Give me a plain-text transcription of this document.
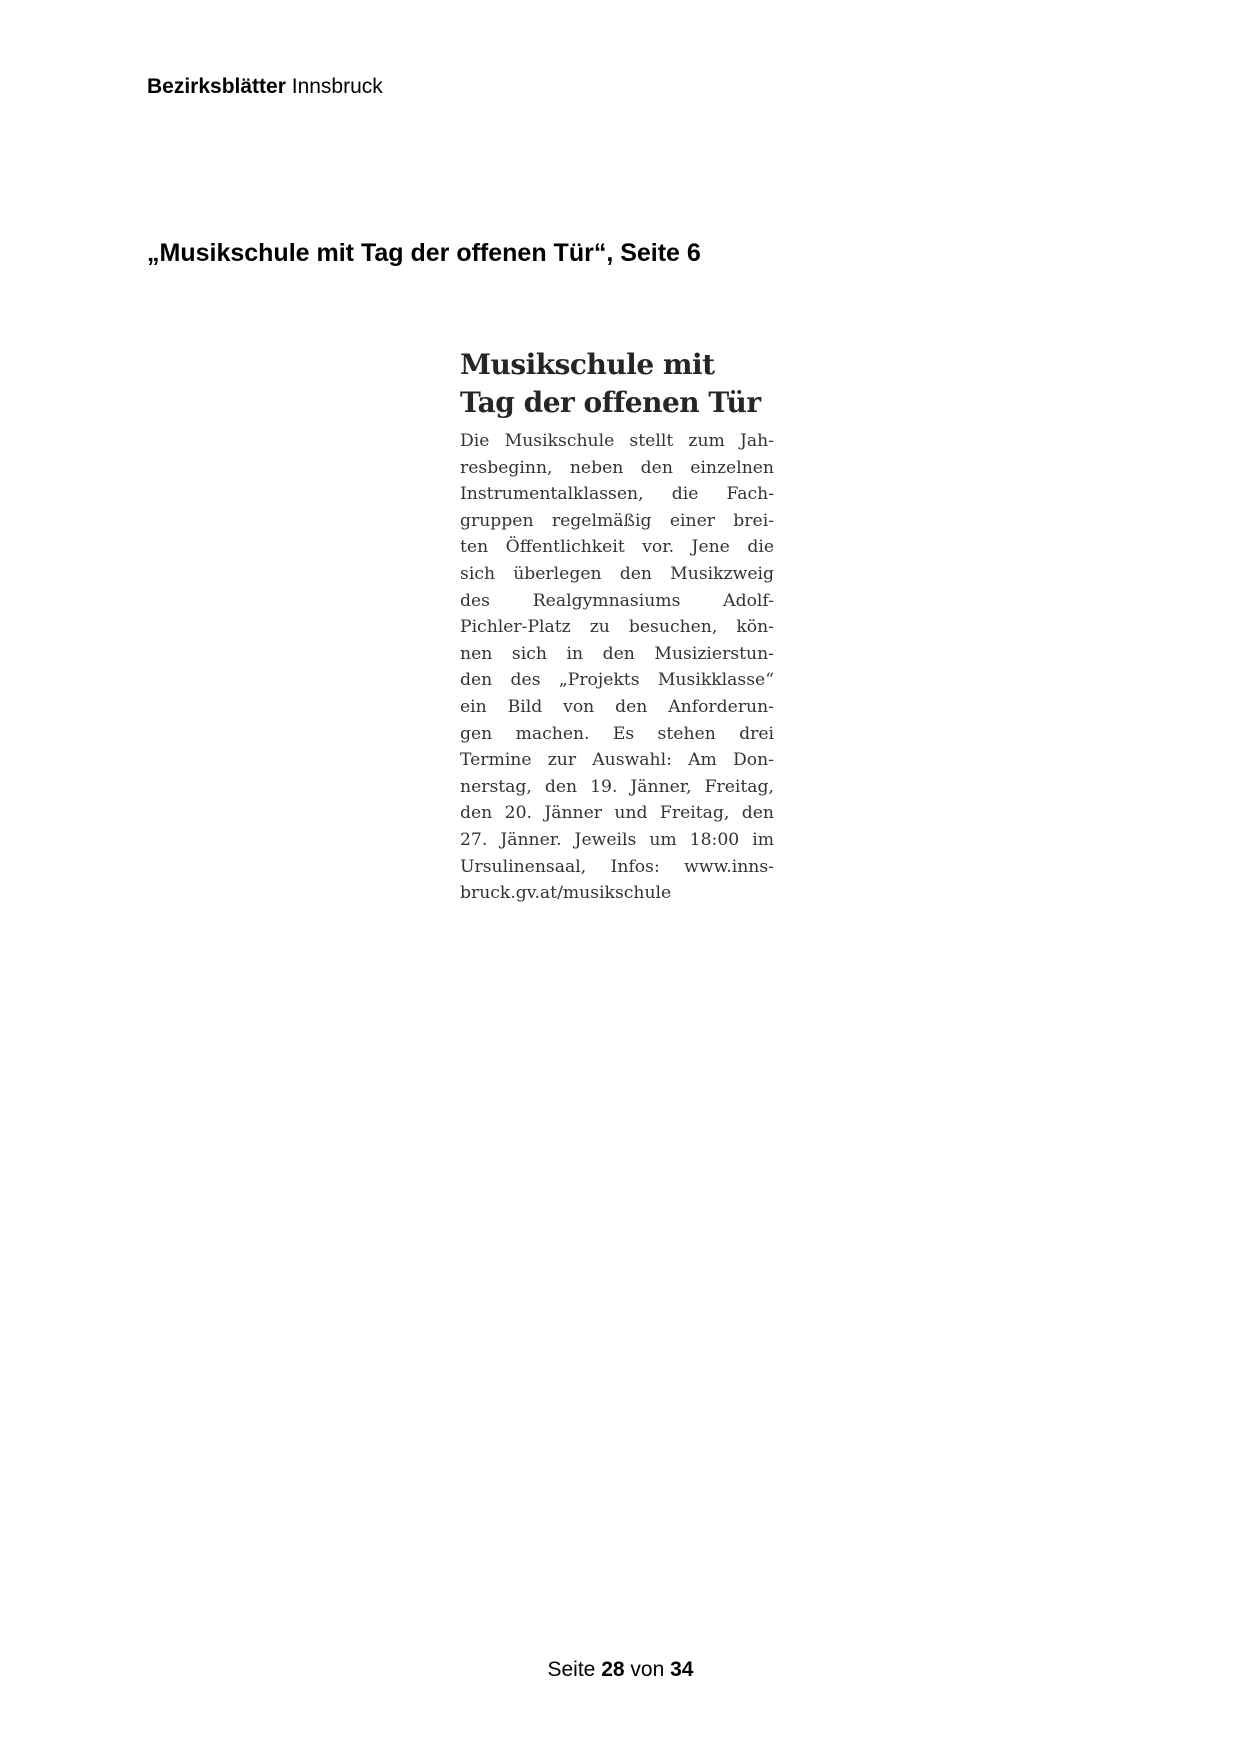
Bezirksblätter Innsbruck
„Musikschule mit Tag der offenen Tür“, Seite 6
Musikschule mit
Tag der offenen Tür
Die Musikschule stellt zum Jah-
resbeginn, neben den einzelnen
Instrumentalklassen, die Fach-
gruppen regelmäßig einer brei-
ten Öffentlichkeit vor. Jene die
sich überlegen den Musikzweig
des Realgymnasiums Adolf-
Pichler-Platz zu besuchen, kön-
nen sich in den Musizierstun-
den des „Projekts Musikklasse“
ein Bild von den Anforderun-
gen machen. Es stehen drei
Termine zur Auswahl: Am Don-
nerstag, den 19. Jänner, Freitag,
den 20. Jänner und Freitag, den
27. Jänner. Jeweils um 18:00 im
Ursulinensaal, Infos: www.inns-
bruck.gv.at/musikschule
Seite 28 von 34
